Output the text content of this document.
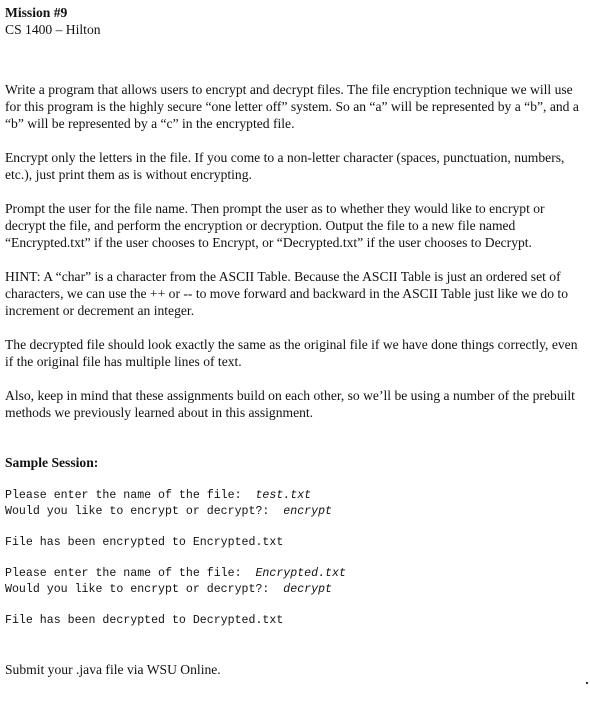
Mission #9
CS 1400 – Hilton

Write a program that allows users to encrypt and decrypt files. The file encryption technique we will use for this program is the highly secure “one letter off” system. So an “a” will be represented by a “b”, and a “b” will be represented by a “c” in the encrypted file.

Encrypt only the letters in the file. If you come to a non-letter character (spaces, punctuation, numbers, etc.), just print them as is without encrypting.

Prompt the user for the file name. Then prompt the user as to whether they would like to encrypt or decrypt the file, and perform the encryption or decryption. Output the file to a new file named “Encrypted.txt” if the user chooses to Encrypt, or “Decrypted.txt” if the user chooses to Decrypt.

HINT: A “char” is a character from the ASCII Table. Because the ASCII Table is just an ordered set of characters, we can use the ++ or -- to move forward and backward in the ASCII Table just like we do to increment or decrement an integer.

The decrypted file should look exactly the same as the original file if we have done things correctly, even if the original file has multiple lines of text.

Also, keep in mind that these assignments build on each other, so we’ll be using a number of the prebuilt methods we previously learned about in this assignment.

Sample Session:
Please enter the name of the file:  test.txt
Would you like to encrypt or decrypt?:  encrypt
File has been encrypted to Encrypted.txt
Please enter the name of the file:  Encrypted.txt
Would you like to encrypt or decrypt?:  decrypt
File has been decrypted to Decrypted.txt
Submit your .java file via WSU Online.
